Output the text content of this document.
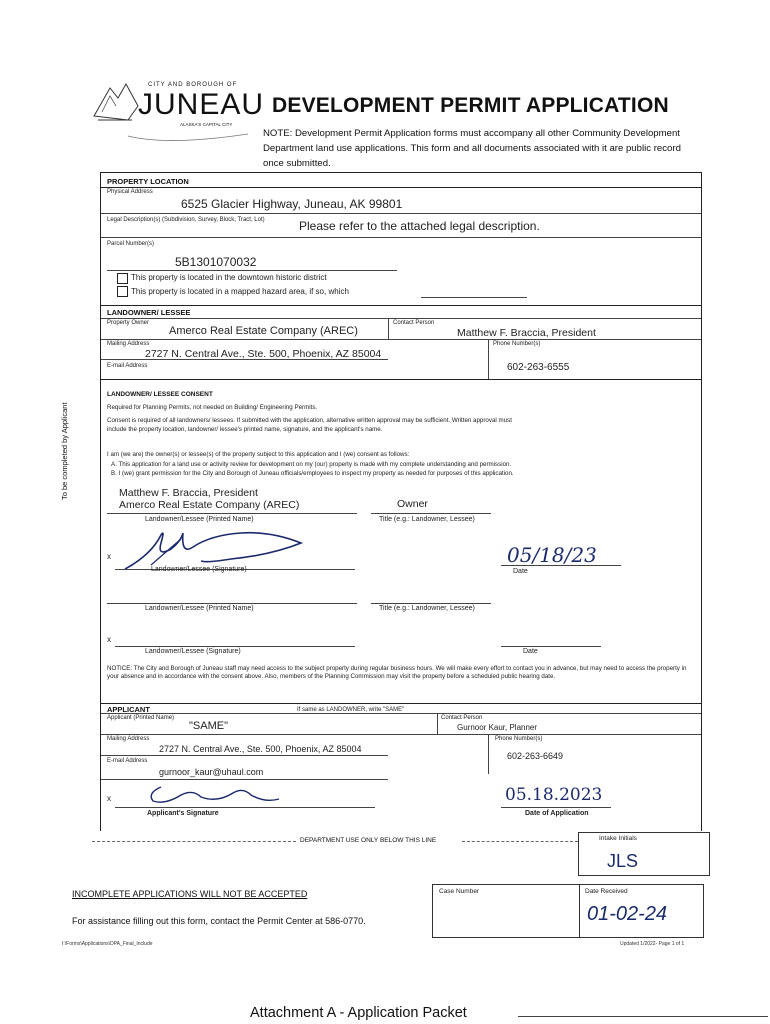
CITY AND BOROUGH OF
JUNEAU
ALASKA'S CAPITAL CITY
DEVELOPMENT PERMIT APPLICATION
NOTE: Development Permit Application forms must accompany all other Community Development Department land use applications. This form and all documents associated with it are public record once submitted.
To be completed by Applicant
PROPERTY LOCATION
Physical Address
6525 Glacier Highway, Juneau, AK 99801
Legal Description(s) (Subdivision, Survey, Block, Tract, Lot)	Please refer to the attached legal description.
Parcel Number(s)
5B1301070032
This property is located in the downtown historic district
This property is located in a mapped hazard area, if so, which
LANDOWNER/ LESSEE
Property Owner
Amerco Real Estate Company (AREC)
Contact Person
Matthew F. Braccia, President
Mailing Address
2727 N. Central Ave., Ste. 500, Phoenix, AZ 85004
Phone Number(s)
602-263-6555
E-mail Address
LANDOWNER/ LESSEE CONSENT
Required for Planning Permits, not needed on Building/ Engineering Permits.
Consent is required of all landowners/ lessees. If submitted with the application, alternative written approval may be sufficient. Written approval must
include the property location, landowner/ lessee's printed name, signature, and the applicant's name.
I am (we are) the owner(s) or lessee(s) of the property subject to this application and I (we) consent as follows:
A. This application for a land use or activity review for development on my (our) property is made with my complete understanding and permission.
B. I (we) grant permission for the City and Borough of Juneau officials/employees to inspect my property as needed for purposes of this application.
Matthew F. Braccia, President
Amerco Real Estate Company (AREC)	Owner
Landowner/Lessee (Printed Name)	Title (e.g.: Landowner, Lessee)
x
Landowner/Lessee (Signature)
05/18/23
Date
Landowner/Lessee (Printed Name)	Title (e.g.: Landowner, Lessee)
x
Landowner/Lessee (Signature)	Date
NOTICE: The City and Borough of Juneau staff may need access to the subject property during regular business hours. We will make every effort to contact you in advance, but may need to access the property in your absence and in accordance with the consent above. Also, members of the Planning Commission may visit the property before a scheduled public hearing date.
APPLICANT	If same as LANDOWNER, write "SAME"
Applicant (Printed Name)
"SAME"
Contact Person
Gurnoor Kaur, Planner
Mailing Address
2727 N. Central Ave., Ste. 500, Phoenix, AZ 85004
Phone Number(s)
602-263-6649
E-mail Address
gurnoor_kaur@uhaul.com
x
Applicant's Signature
05.18.2023
Date of Application
DEPARTMENT USE ONLY BELOW THIS LINE	Intake Initials
JLS
Case Number	Date Received
01-02-24
INCOMPLETE APPLICATIONS WILL NOT BE ACCEPTED
For assistance filling out this form, contact the Permit Center at 586-0770.
I:\Forms\Applications\DPA_Final_Include	Updated 1/2022- Page 1 of 1
Attachment A - Application Packet
